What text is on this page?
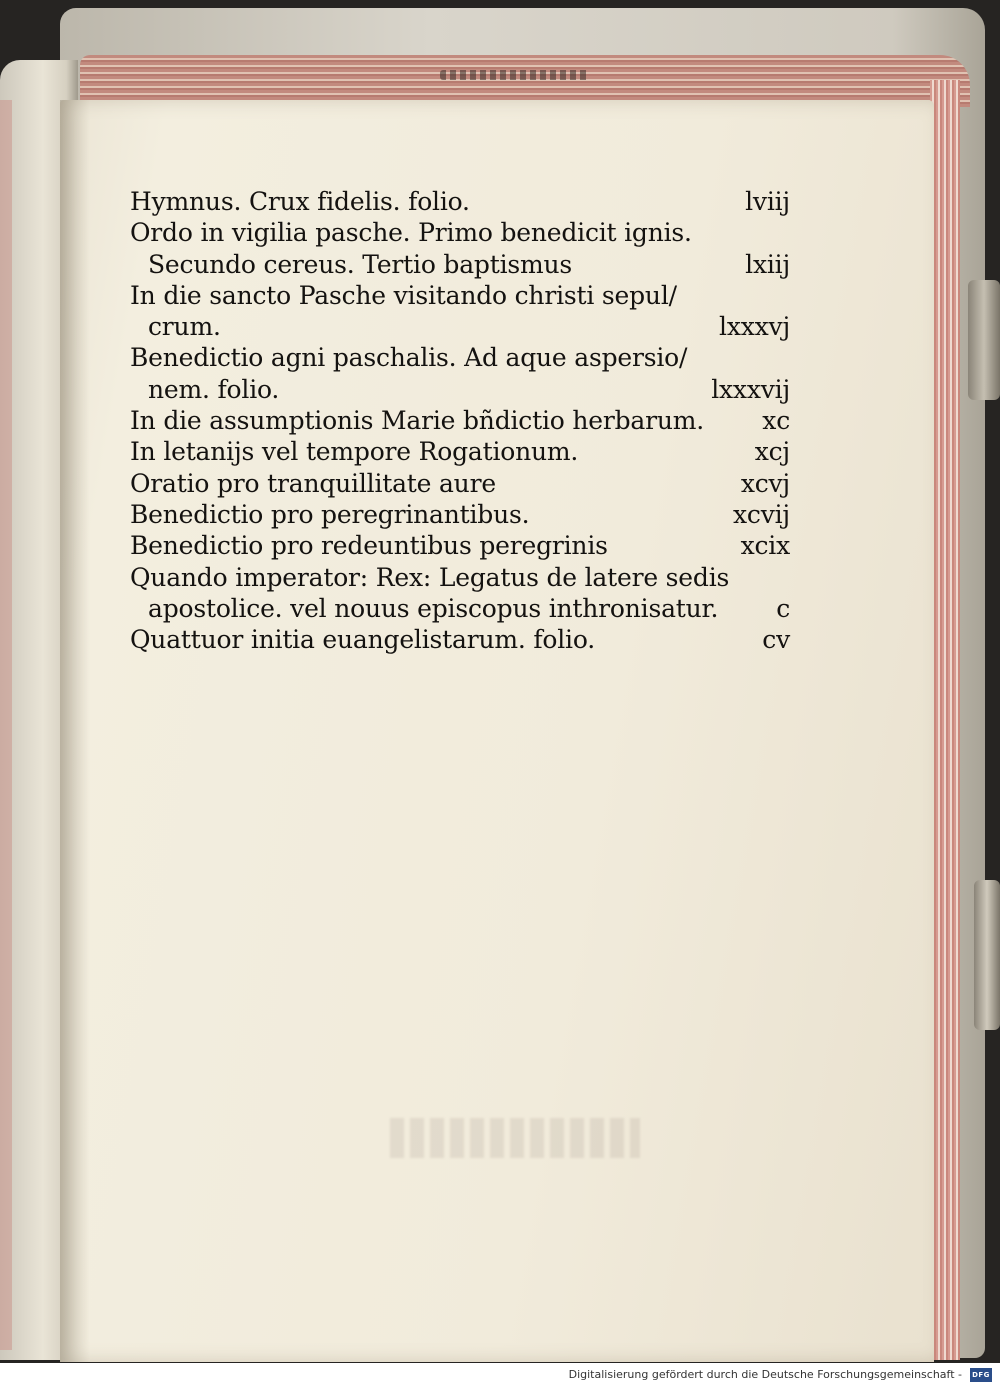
Hymnus. Crux fidelis. folio.	lviij
Ordo in vigilia pasche. Primo benedicit ignis.
Secundo cereus. Tertio baptismus	lxiij
In die sancto Pasche visitando christi sepul/
crum.	lxxxvj
Benedictio agni paschalis. Ad aque aspersio/
nem. folio.	lxxxvij
In die assumptionis Marie bñdictio herbarum. xc
In letanijs vel tempore Rogationum.	xcj
Oratio pro tranquillitate aure	xcvj
Benedictio pro peregrinantibus.	xcvij
Benedictio pro redeuntibus peregrinis	xcix
Quando imperator: Rex: Legatus de latere sedis
apostolice. vel nouus episcopus inthronisatur. c
Quattuor initia euangelistarum. folio.	cv
Digitalisierung gefördert durch die Deutsche Forschungsgemeinschaft - DFG
